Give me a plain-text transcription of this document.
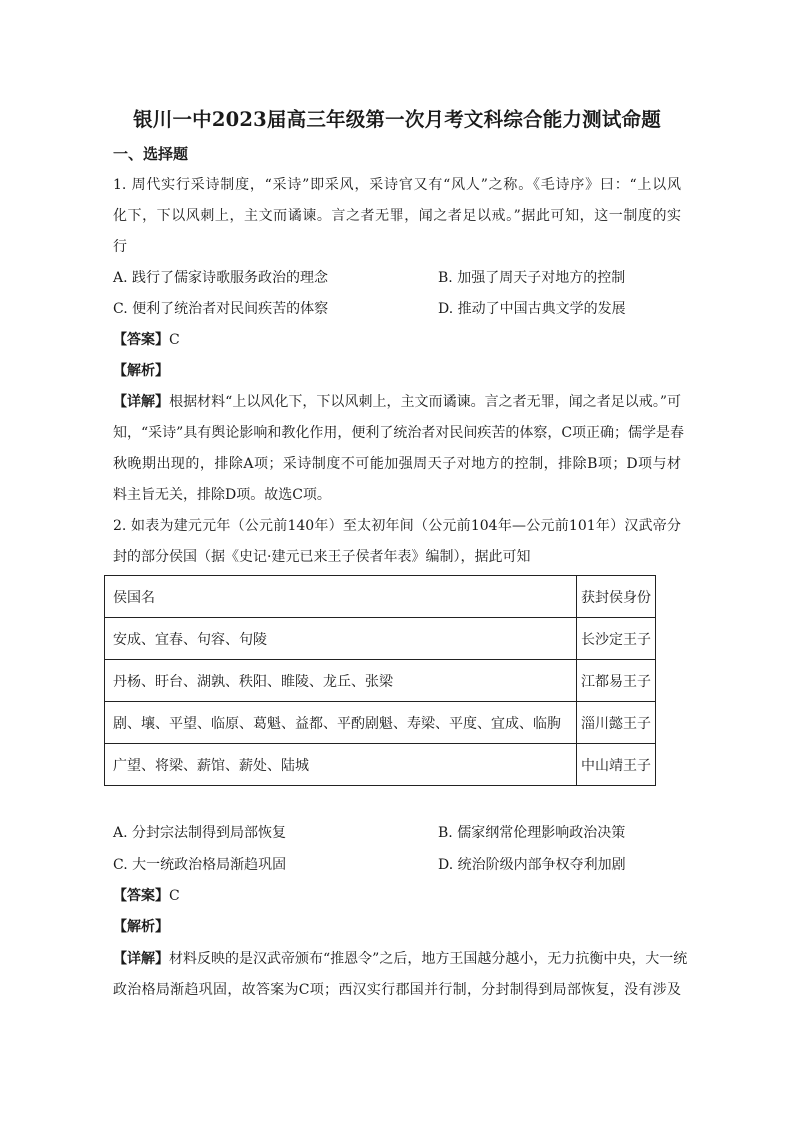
银川一中2023届高三年级第一次月考文科综合能力测试命题
一、选择题
1. 周代实行采诗制度，“采诗”即采风，采诗官又有“风人”之称。《毛诗序》曰：“上以风
化下，下以风刺上，主文而谲谏。言之者无罪，闻之者足以戒。”据此可知，这一制度的实
行
A. 践行了儒家诗歌服务政治的理念	B. 加强了周天子对地方的控制
C. 便利了统治者对民间疾苦的体察	D. 推动了中国古典文学的发展
【答案】C
【解析】
【详解】根据材料“上以风化下，下以风刺上，主文而谲谏。言之者无罪，闻之者足以戒。”可
知，“采诗”具有舆论影响和教化作用，便利了统治者对民间疾苦的体察，C项正确；儒学是春
秋晚期出现的，排除A项；采诗制度不可能加强周天子对地方的控制，排除B项；D项与材
料主旨无关，排除D项。故选C项。
2. 如表为建元元年（公元前140年）至太初年间（公元前104年—公元前101年）汉武帝分
封的部分侯国（据《史记·建元已来王子侯者年表》编制），据此可知
侯国名	获封侯身份
安成、宜春、句容、句陵	长沙定王子
丹杨、盱台、湖孰、秩阳、睢陵、龙丘、张梁	江都易王子
剧、壤、平望、临原、葛魁、益都、平酌剧魁、寿梁、平度、宜成、临朐	淄川懿王子
广望、将梁、薪馆、薪处、陆城	中山靖王子
A. 分封宗法制得到局部恢复	B. 儒家纲常伦理影响政治决策
C. 大一统政治格局渐趋巩固	D. 统治阶级内部争权夺利加剧
【答案】C
【解析】
【详解】材料反映的是汉武帝颁布“推恩令”之后，地方王国越分越小，无力抗衡中央，大一统
政治格局渐趋巩固，故答案为C项；西汉实行郡国并行制，分封制得到局部恢复，没有涉及
